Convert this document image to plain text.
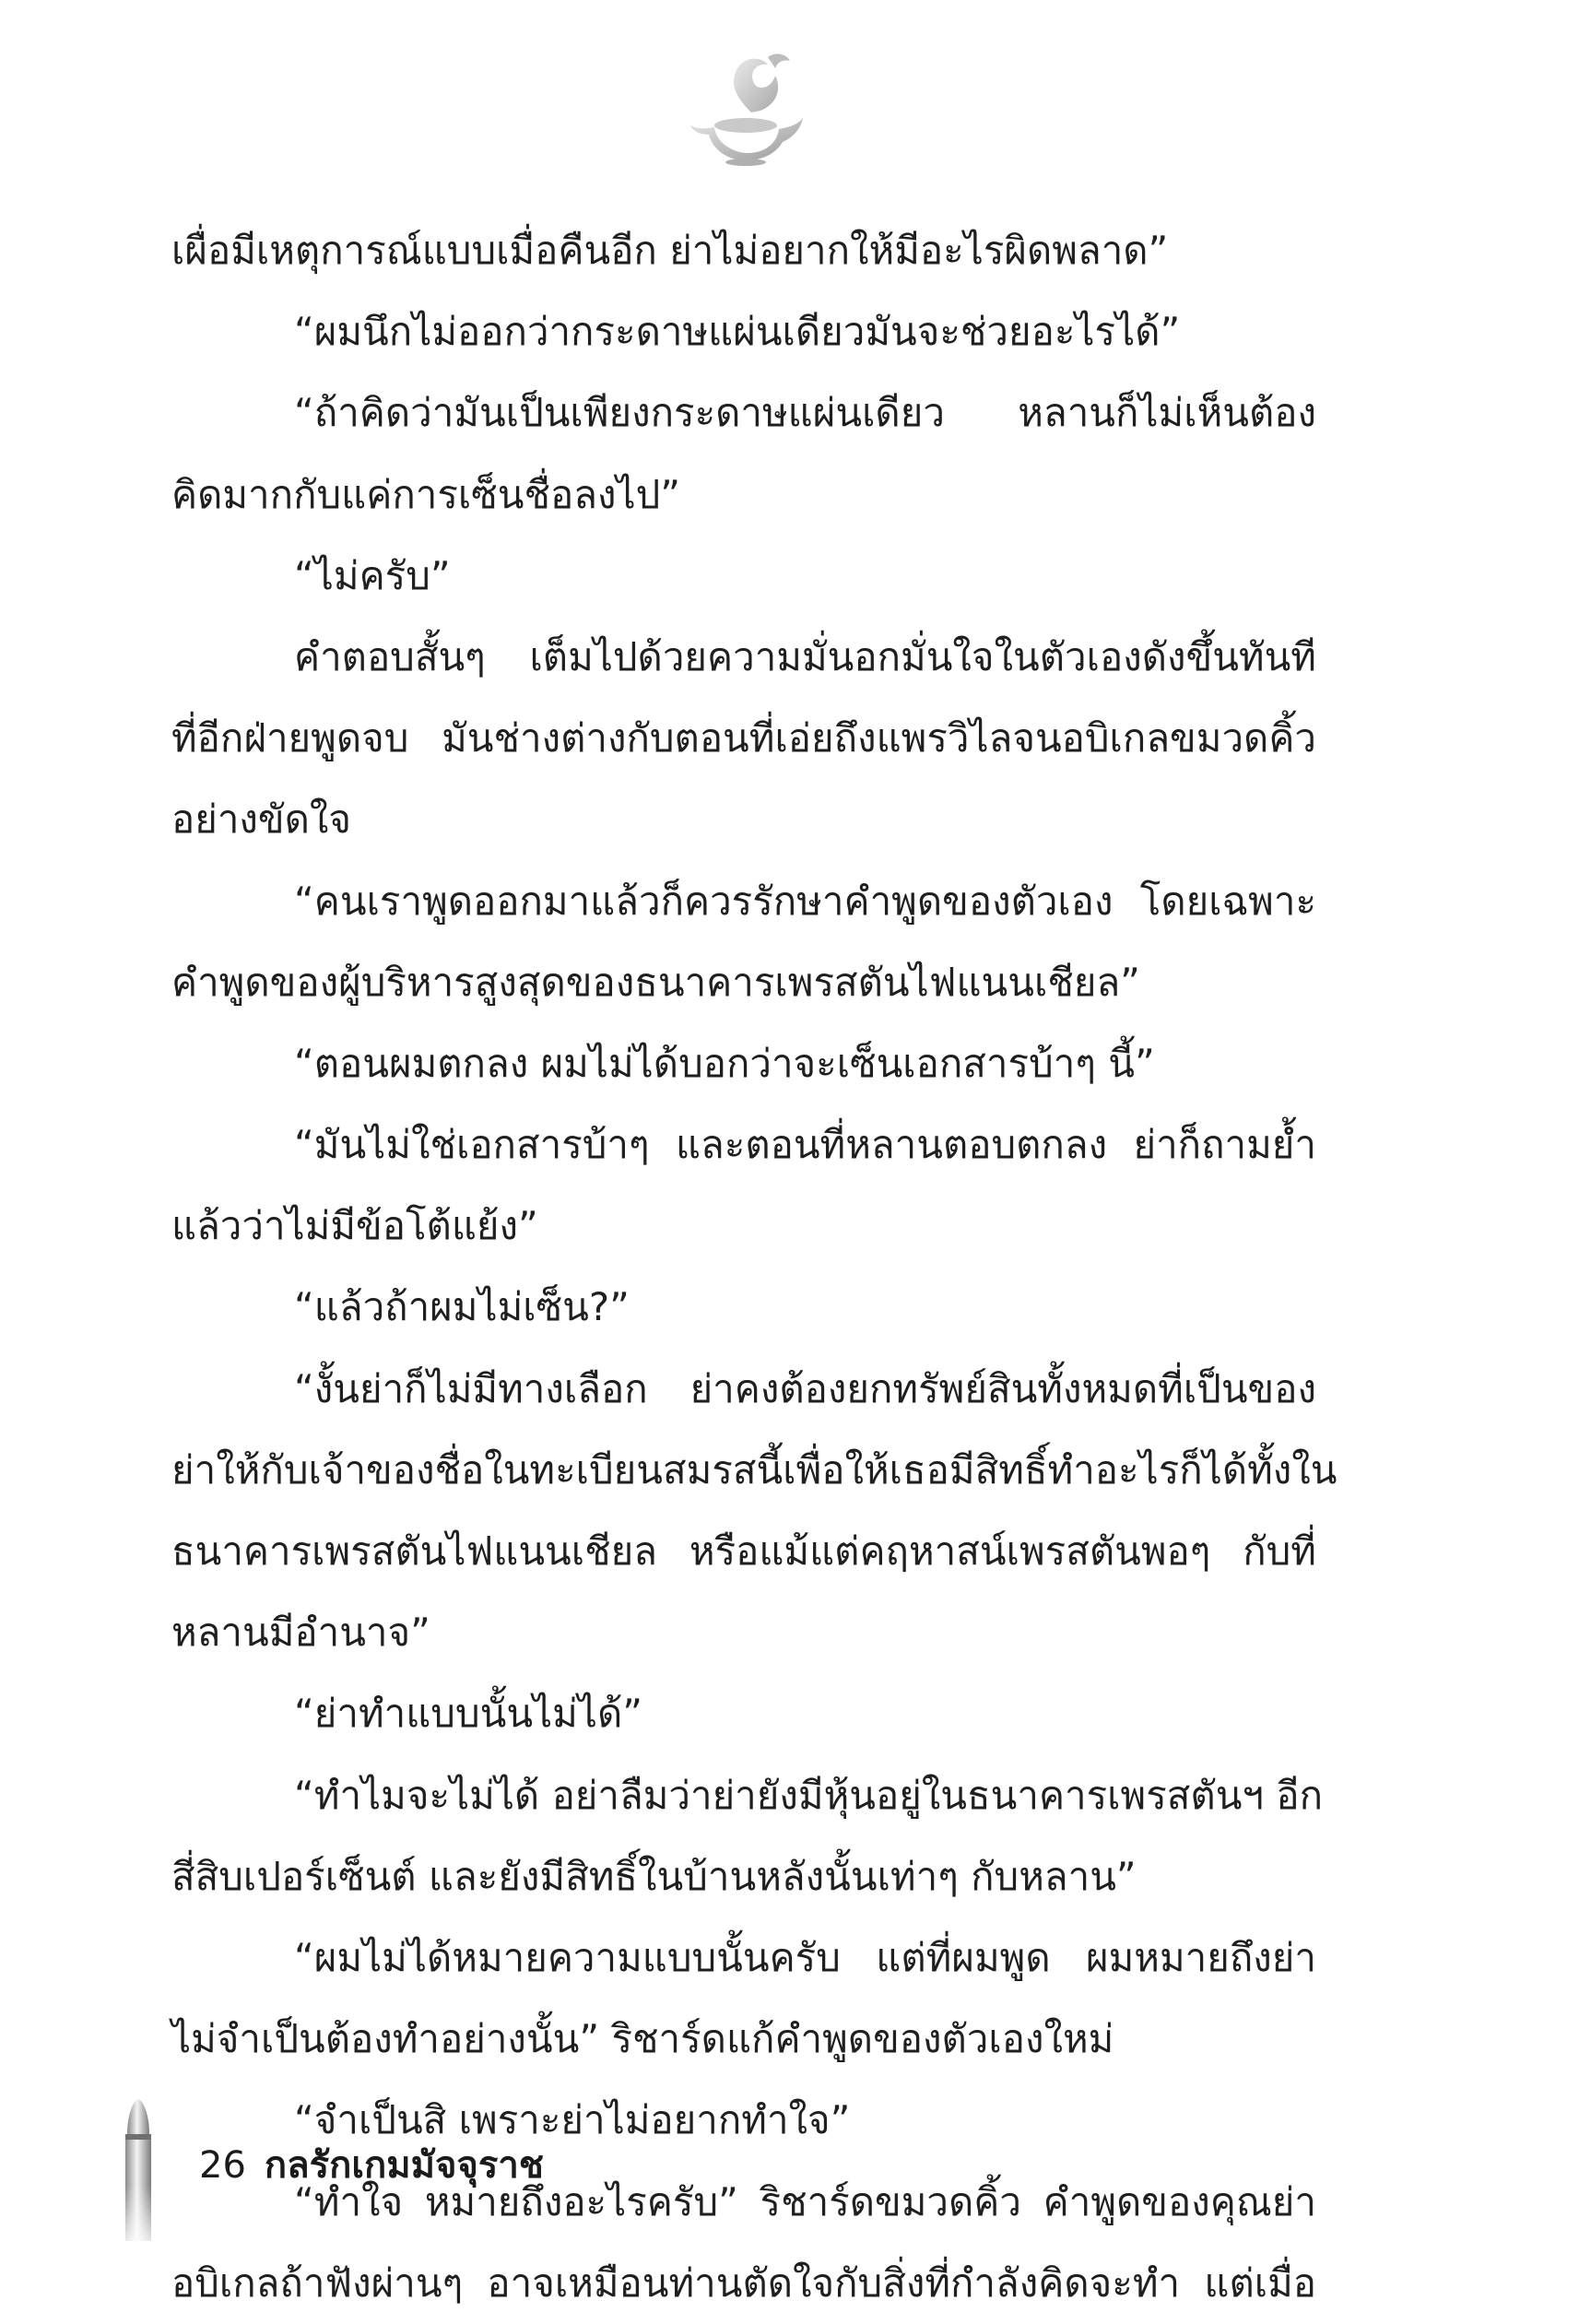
เผื่อมีเหตุการณ์แบบเมื่อคืนอีก ย่าไม่อยากให้มีอะไรผิดพลาด”
“ผมนึกไม่ออกว่ากระดาษแผ่นเดียวมันจะช่วยอะไรได้”
“ถ้าคิดว่ามันเป็นเพียงกระดาษแผ่นเดียว หลานก็ไม่เห็นต้อง
คิดมากกับแค่การเซ็นชื่อลงไป”
“ไม่ครับ”
คำตอบสั้นๆ เต็มไปด้วยความมั่นอกมั่นใจในตัวเองดังขึ้นทันที
ที่อีกฝ่ายพูดจบ มันช่างต่างกับตอนที่เอ่ยถึงแพรวิไลจนอบิเกลขมวดคิ้ว
อย่างขัดใจ
“คนเราพูดออกมาแล้วก็ควรรักษาคำพูดของตัวเอง โดยเฉพาะ
คำพูดของผู้บริหารสูงสุดของธนาคารเพรสตันไฟแนนเชียล”
“ตอนผมตกลง ผมไม่ได้บอกว่าจะเซ็นเอกสารบ้าๆ นี้”
“มันไม่ใช่เอกสารบ้าๆ และตอนที่หลานตอบตกลง ย่าก็ถามย้ำ
แล้วว่าไม่มีข้อโต้แย้ง”
“แล้วถ้าผมไม่เซ็น?”
“งั้นย่าก็ไม่มีทางเลือก ย่าคงต้องยกทรัพย์สินทั้งหมดที่เป็นของ
ย่าให้กับเจ้าของชื่อในทะเบียนสมรสนี้เพื่อให้เธอมีสิทธิ์ทำอะไรก็ได้ทั้งใน
ธนาคารเพรสตันไฟแนนเชียล หรือแม้แต่คฤหาสน์เพรสตันพอๆ กับที่
หลานมีอำนาจ”
“ย่าทำแบบนั้นไม่ได้”
“ทำไมจะไม่ได้ อย่าลืมว่าย่ายังมีหุ้นอยู่ในธนาคารเพรสตันฯ อีก
สี่สิบเปอร์เซ็นต์ และยังมีสิทธิ์ในบ้านหลังนั้นเท่าๆ กับหลาน”
“ผมไม่ได้หมายความแบบนั้นครับ แต่ที่ผมพูด ผมหมายถึงย่า
ไม่จำเป็นต้องทำอย่างนั้น” ริชาร์ดแก้คำพูดของตัวเองใหม่
“จำเป็นสิ เพราะย่าไม่อยากทำใจ”
“ทำใจ หมายถึงอะไรครับ” ริชาร์ดขมวดคิ้ว คำพูดของคุณย่า
อบิเกลถ้าฟังผ่านๆ อาจเหมือนท่านตัดใจกับสิ่งที่กำลังคิดจะทำ แต่เมื่อ
26 กลรักเกมมัจจุราช
